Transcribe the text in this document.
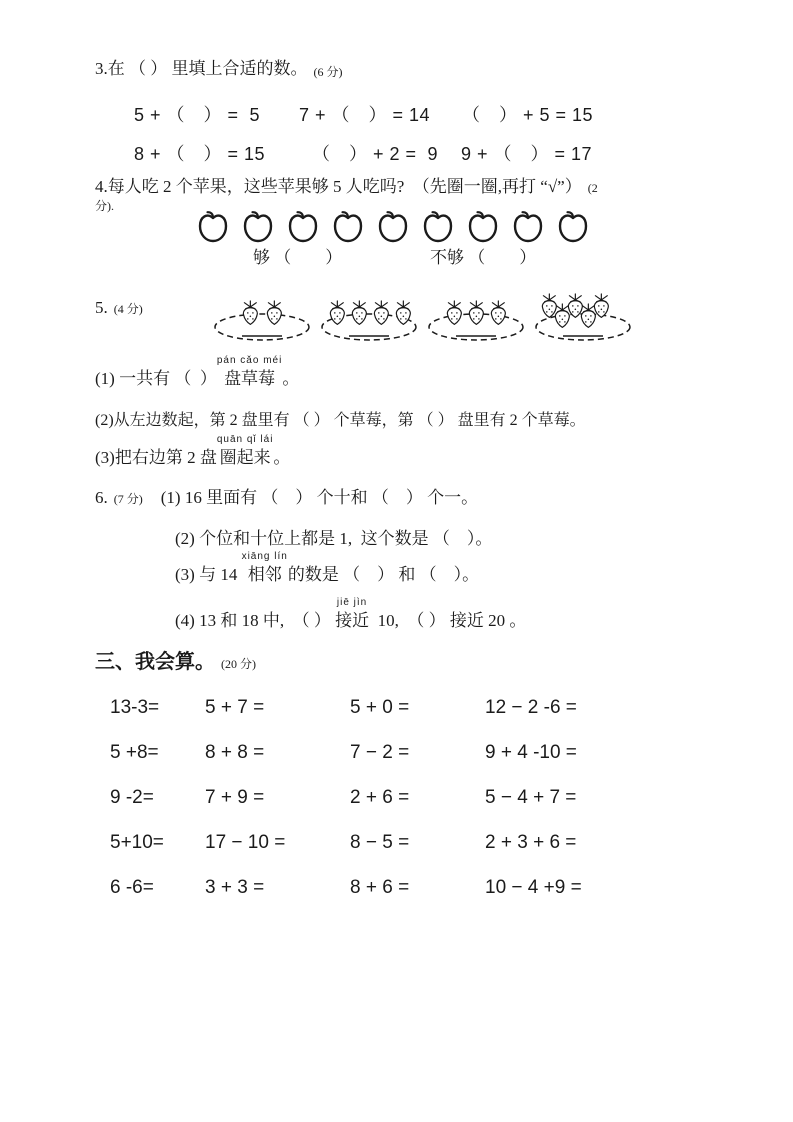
3.在 （ ） 里填上合适的数。 (6 分)
5 + （　） =  5 7 + （　） = 14 （　） + 5 = 15
8 + （　） = 15	（　） + 2 =  9 9 + （　） = 17
4.每人吃 2 个苹果，这些苹果够 5 人吃吗?  （先圈一圈,再打 “√”） (2
分).
够 （　　）	不够 （　　）
5. (4 分)
(1) 一共有 （  ）
pán cǎo méi
盘草莓 。
(2)从左边数起，第 2 盘里有 （ ） 个草莓，第 （ ） 盘里有 2 个草莓。
(3)把右边第 2 盘
quān qǐ lái
圈起来 。
6. (7 分) (1) 16 里面有 （　） 个十和 （　） 个一。
(2) 个位和十位上都是 1,  这个数是 （　）。
(3) 与 14
xiāng lín
相邻 的数是 （　） 和 （　）。
(4) 13 和 18 中,  （ ）
jiē jìn
接近 10,  （ ） 接近 20 。
三、我会算。 (20 分)
13-3=	5 + 7 =	5 + 0 =	12 − 2 -6 =
5 +8=	8 + 8 =	7 − 2 =	9 + 4 -10 =
9 -2=	7 + 9 =	2 + 6 =	5 − 4 + 7 =
5+10=	17 − 10 =	8 − 5 =	2 + 3 + 6 =
6 -6=	3 + 3 =	8 + 6 =	10 − 4 +9 =
